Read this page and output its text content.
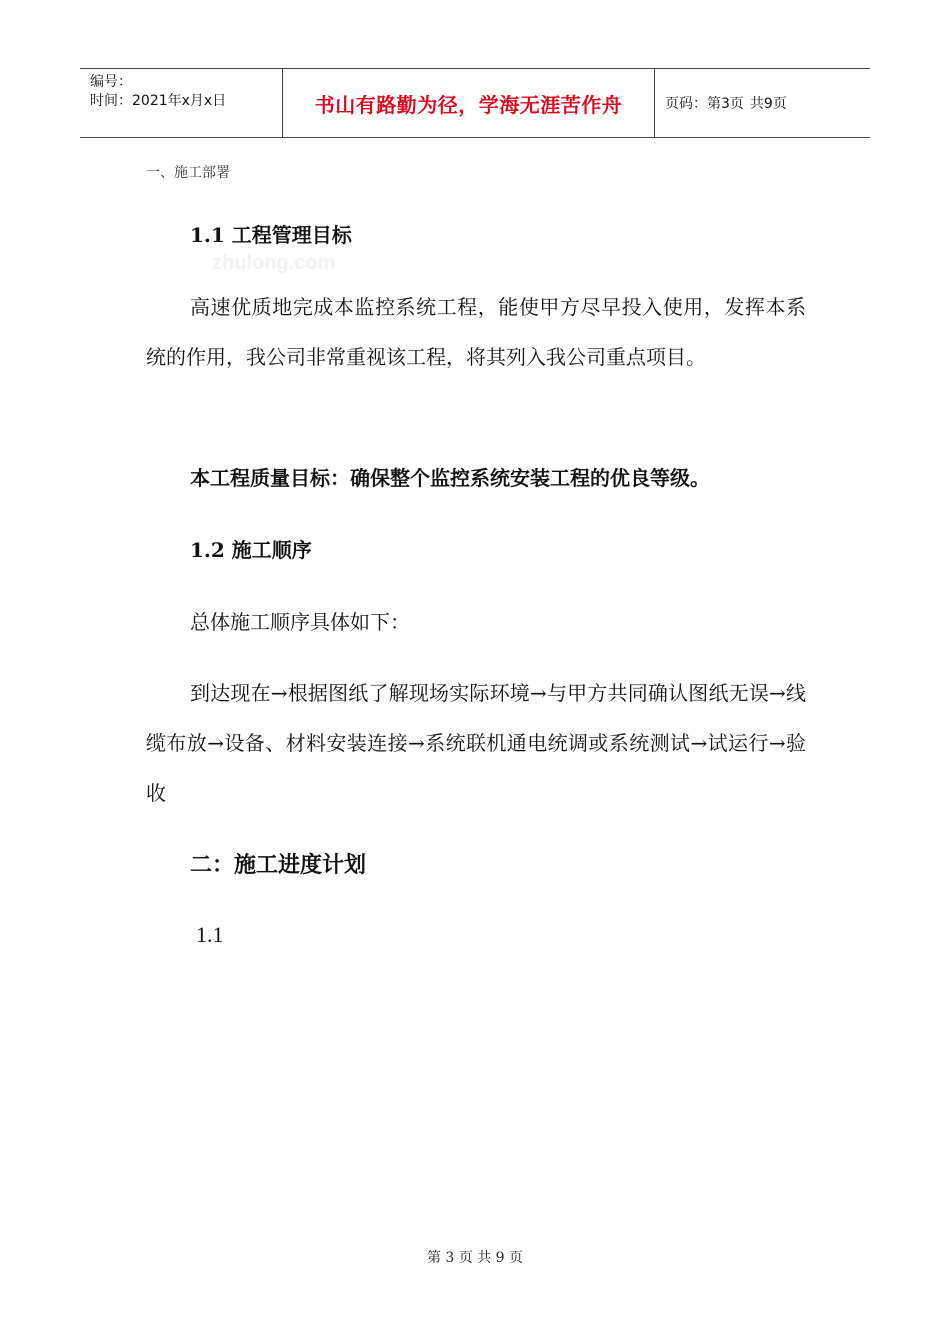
编号：
时间：2021年x月x日	书山有路勤为径，学海无涯苦作舟	页码：第3页 共9页
一、施工部署
1.1 工程管理目标
zhulong.com
高速优质地完成本监控系统工程，能使甲方尽早投入使用，发挥本系统的作用，我公司非常重视该工程，将其列入我公司重点项目。
本工程质量目标：确保整个监控系统安装工程的优良等级。
1.2 施工顺序
总体施工顺序具体如下：
到达现在→根据图纸了解现场实际环境→与甲方共同确认图纸无误→线缆布放→设备、材料安装连接→系统联机通电统调或系统测试→试运行→验收
二：施工进度计划
1.1
第 3 页 共 9 页
